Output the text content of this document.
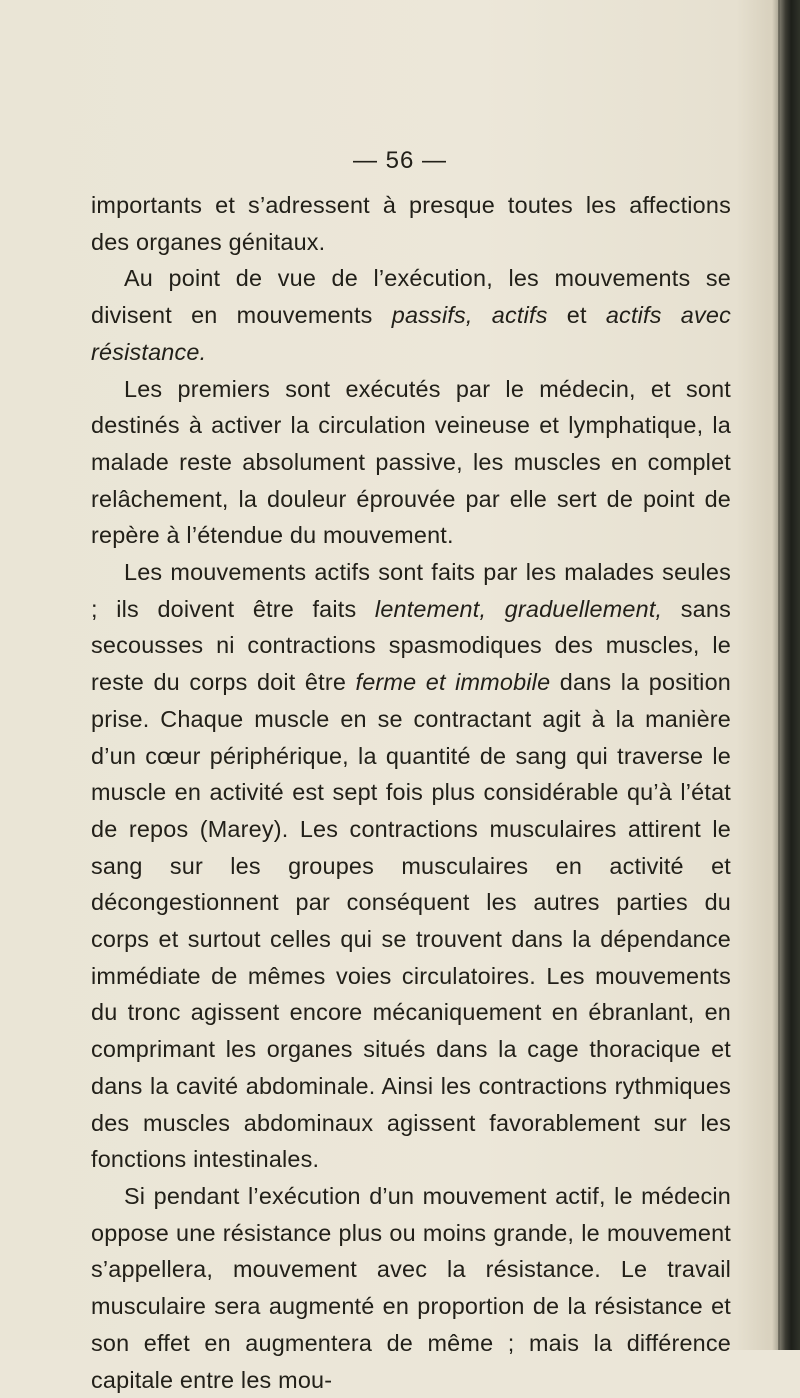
— 56 —

importants et s’adressent à presque toutes les affections des organes génitaux.

Au point de vue de l’exécution, les mouvements se divisent en mouvements passifs, actifs et actifs avec résistance.

Les premiers sont exécutés par le médecin, et sont destinés à activer la circulation veineuse et lymphatique, la malade reste absolument passive, les muscles en complet relâchement, la douleur éprouvée par elle sert de point de repère à l’étendue du mouvement.

Les mouvements actifs sont faits par les malades seules ; ils doivent être faits lentement, graduellement, sans secousses ni contractions spasmodiques des muscles, le reste du corps doit être ferme et immobile dans la position prise. Chaque muscle en se contractant agit à la manière d’un cœur périphérique, la quantité de sang qui traverse le muscle en activité est sept fois plus considérable qu’à l’état de repos (Marey). Les contractions musculaires attirent le sang sur les groupes musculaires en activité et décongestionnent par conséquent les autres parties du corps et surtout celles qui se trouvent dans la dépendance immédiate de mêmes voies circulatoires. Les mouvements du tronc agissent encore mécaniquement en ébranlant, en comprimant les organes situés dans la cage thoracique et dans la cavité abdominale. Ainsi les contractions rythmiques des muscles abdominaux agissent favorablement sur les fonctions intestinales.

Si pendant l’exécution d’un mouvement actif, le médecin oppose une résistance plus ou moins grande, le mouvement s’appellera, mouvement avec la résistance. Le travail musculaire sera augmenté en proportion de la résistance et son effet en augmentera de même ; mais la différence capitale entre les mou-
